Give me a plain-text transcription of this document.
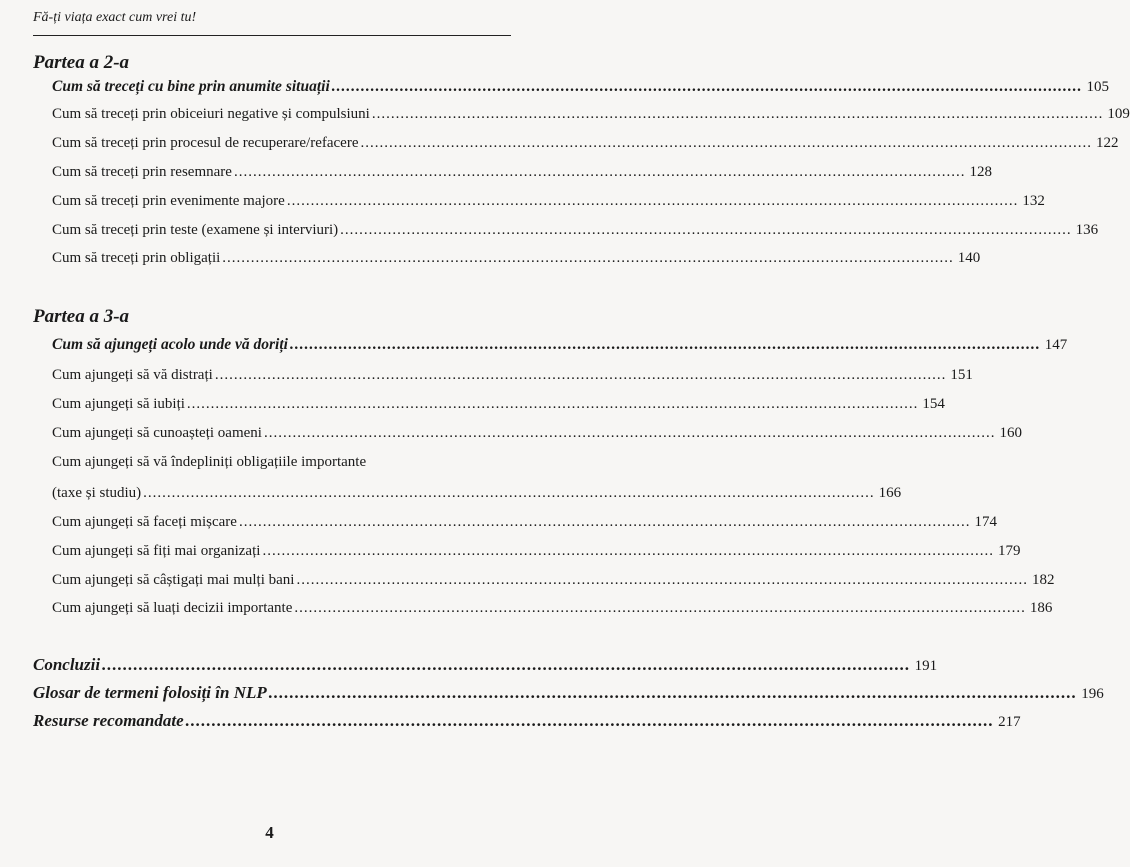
Fă-ți viața exact cum vrei tu!
Partea a 2-a
Cum să treceți cu bine prin anumite situații .......................................................................................................................................................... 105
Cum să treceți prin obiceiuri negative și compulsiuni .......................................................................................................................................................... 109
Cum să treceți prin procesul de recuperare/refacere .......................................................................................................................................................... 122
Cum să treceți prin resemnare .......................................................................................................................................................... 128
Cum să treceți prin evenimente majore .......................................................................................................................................................... 132
Cum să treceți prin teste (examene și interviuri) .......................................................................................................................................................... 136
Cum să treceți prin obligații .......................................................................................................................................................... 140
Partea a 3-a
Cum să ajungeți acolo unde vă doriți .......................................................................................................................................................... 147
Cum ajungeți să vă distrați .......................................................................................................................................................... 151
Cum ajungeți să iubiți .......................................................................................................................................................... 154
Cum ajungeți să cunoașteți oameni .......................................................................................................................................................... 160
Cum ajungeți să vă îndepliniți obligațiile importante
(taxe și studiu) .......................................................................................................................................................... 166
Cum ajungeți să faceți mișcare .......................................................................................................................................................... 174
Cum ajungeți să fiți mai organizați .......................................................................................................................................................... 179
Cum ajungeți să câștigați mai mulți bani .......................................................................................................................................................... 182
Cum ajungeți să luați decizii importante .......................................................................................................................................................... 186
Concluzii .......................................................................................................................................................... 191
Glosar de termeni folosiți în NLP .......................................................................................................................................................... 196
Resurse recomandate .......................................................................................................................................................... 217
4
